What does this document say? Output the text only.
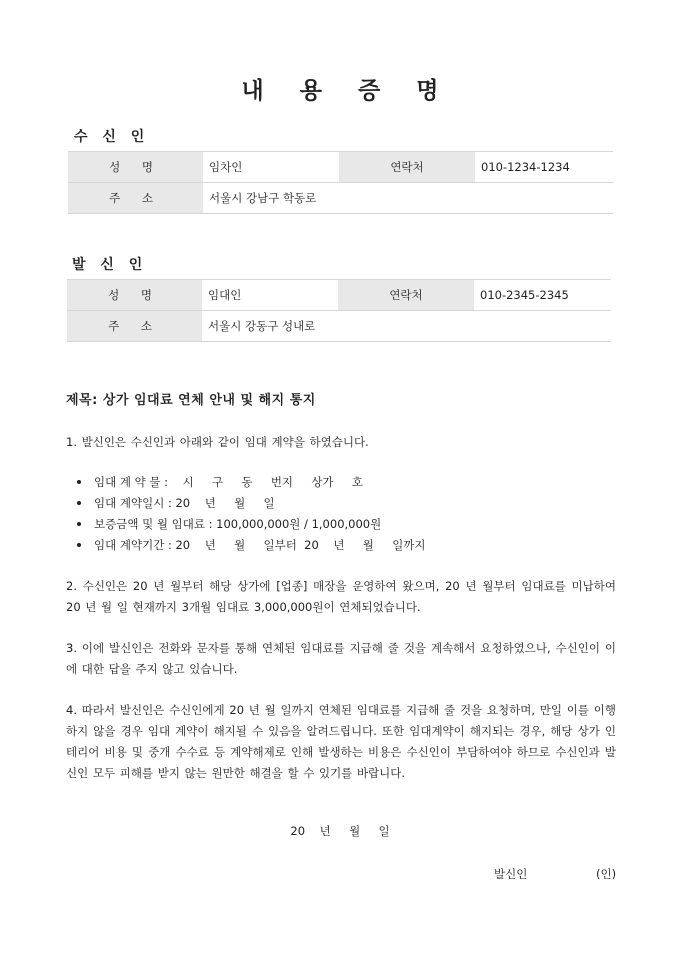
내 용 증 명
수 신 인
성 명	임차인	연락처	010-1234-1234
주 소	서울시 강남구 학동로		
발 신 인
성 명	임대인	연락처	010-2345-2345
주 소	서울시 강동구 성내로		
제목: 상가 임대료 연체 안내 및 해지 통지
1. 발신인은 수신인과 아래와 같이 임대 계약을 하였습니다.
임대 계 약 물 :    시     구     동     번지     상가     호
임대 계약일시 : 20    년     월     일
보증금액 및 월 임대료 : 100,000,000원 / 1,000,000원
임대 계약기간 : 20    년     월     일부터  20    년     월     일까지
2. 수신인은 20 년 월부터 해당 상가에 [업종] 매장을 운영하여 왔으며, 20 년 월부터 임대료를 미납하여 20 년 월 일 현재까지 3개월 임대료 3,000,000원이 연체되었습니다.
3. 이에 발신인은 전화와 문자를 통해 연체된 임대료를 지급해 줄 것을 계속해서 요청하였으나, 수신인이 이에 대한 답을 주지 않고 있습니다.
4. 따라서 발신인은 수신인에게 20 년 월 일까지 연체된 임대료를 지급해 줄 것을 요청하며, 만일 이를 이행하지 않을 경우 임대 계약이 해지될 수 있음을 알려드립니다. 또한 임대계약이 해지되는 경우, 해당 상가 인테리어 비용 및 중개 수수료 등 계약해제로 인해 발생하는 비용은 수신인이 부담하여야 하므로 수신인과 발신인 모두 피해를 받지 않는 원만한 해결을 할 수 있기를 바랍니다.
20    년     월     일
발신인	(인)
